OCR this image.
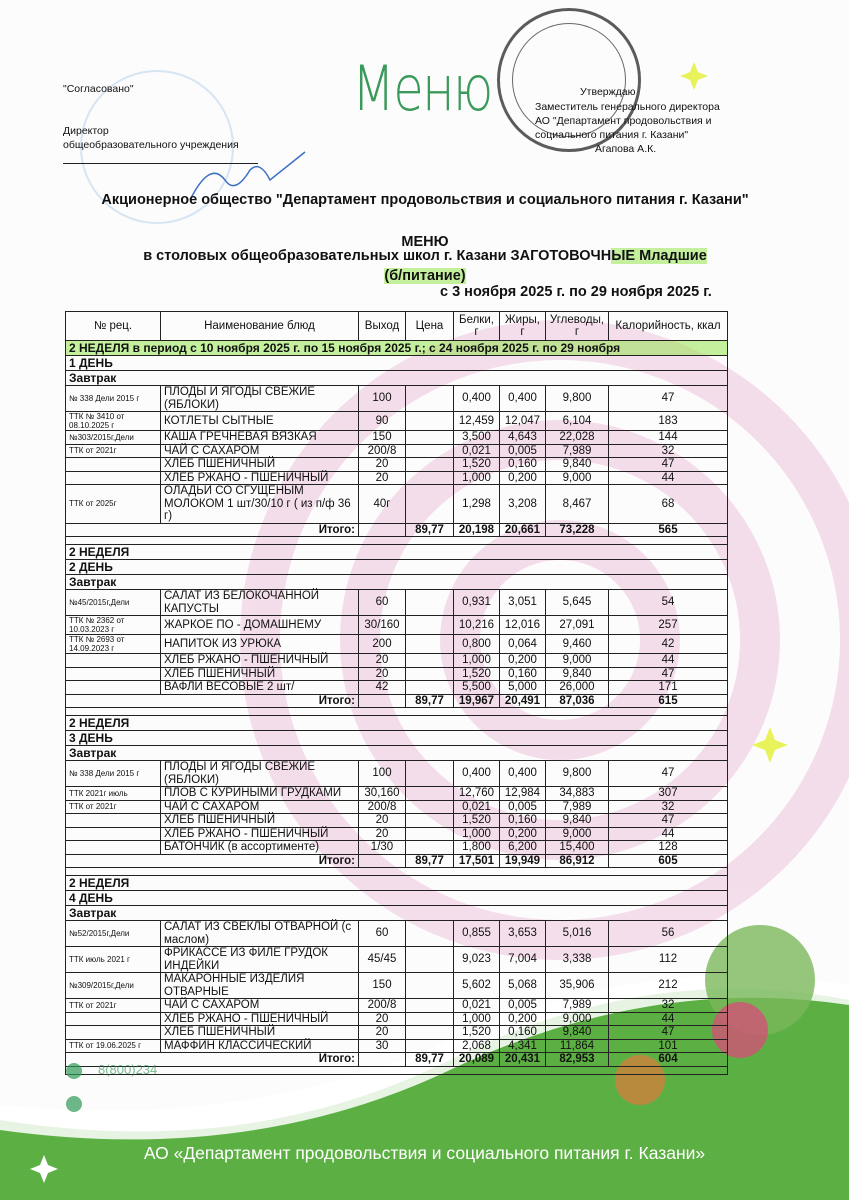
Меню
"Согласовано"
Директор
общеобразовательного учреждения
Утверждаю
Заместитель генерального директора
АО "Департамент продовольствия и
социального питания г. Казани"
Агапова А.К.
Акционерное общество "Департамент продовольствия и социального питания г. Казани"
МЕНЮ
в столовых общеобразовательных школ г. Казани ЗАГОТОВОЧНЫЕ Младшие
(б/питание)
с 3 ноября 2025 г. по 29 ноября 2025 г.
№ рец.	Наименование блюд	Выход	Цена	Белки, г	Жиры, г	Углеводы, г	Калорийность, ккал
2 НЕДЕЛЯ в период с 10 ноября 2025 г. по 15 ноября 2025 г.; с 24 ноября 2025 г. по 29 ноября							
1 ДЕНЬ							
Завтрак							
№ 338 Дели 2015 г	ПЛОДЫ И ЯГОДЫ СВЕЖИЕ (ЯБЛОКИ)	100		0,400	0,400	9,800	47
ТТК № 3410 от 08.10.2025 г	КОТЛЕТЫ СЫТНЫЕ	90		12,459	12,047	6,104	183
№303/2015г,Дели	КАША ГРЕЧНЕВАЯ ВЯЗКАЯ	150		3,500	4,643	22,028	144
ТТК от 2021г	ЧАЙ С САХАРОМ	200/8		0,021	0,005	7,989	32
	ХЛЕБ ПШЕНИЧНЫЙ	20		1,520	0,160	9,840	47
	ХЛЕБ РЖАНО - ПШЕНИЧНЫЙ	20		1,000	0,200	9,000	44
ТТК от 2025г	ОЛАДЬИ СО СГУЩЕНЫМ МОЛОКОМ 1 шт/30/10 г ( из п/ф 36 г)	40г		1,298	3,208	8,467	68
Итого:			89,77	20,198	20,661	73,228	565

2 НЕДЕЛЯ							
2 ДЕНЬ							
Завтрак							
№45/2015г,Дели	САЛАТ ИЗ БЕЛОКОЧАННОЙ КАПУСТЫ	60		0,931	3,051	5,645	54
ТТК № 2362 от 10.03.2023 г	ЖАРКОЕ ПО - ДОМАШНЕМУ	30/160		10,216	12,016	27,091	257
ТТК № 2693 от 14.09.2023 г	НАПИТОК ИЗ УРЮКА	200		0,800	0,064	9,460	42
	ХЛЕБ РЖАНО - ПШЕНИЧНЫЙ	20		1,000	0,200	9,000	44
	ХЛЕБ ПШЕНИЧНЫЙ	20		1,520	0,160	9,840	47
	ВАФЛИ ВЕСОВЫЕ 2 шт/	42		5,500	5,000	26,000	171
Итого:			89,77	19,967	20,491	87,036	615

2 НЕДЕЛЯ							
3 ДЕНЬ							
Завтрак							
№ 338 Дели 2015 г	ПЛОДЫ И ЯГОДЫ СВЕЖИЕ (ЯБЛОКИ)	100		0,400	0,400	9,800	47
ТТК 2021г июль	ПЛОВ С КУРИНЫМИ ГРУДКАМИ	30,160		12,760	12,984	34,883	307
ТТК от 2021г	ЧАЙ С САХАРОМ	200/8		0,021	0,005	7,989	32
	ХЛЕБ ПШЕНИЧНЫЙ	20		1,520	0,160	9,840	47
	ХЛЕБ РЖАНО - ПШЕНИЧНЫЙ	20		1,000	0,200	9,000	44
	БАТОНЧИК (в ассортименте)	1/30		1,800	6,200	15,400	128
Итого:			89,77	17,501	19,949	86,912	605

2 НЕДЕЛЯ							
4 ДЕНЬ							
Завтрак							
№52/2015г,Дели	САЛАТ ИЗ СВЕКЛЫ ОТВАРНОЙ (с маслом)	60		0,855	3,653	5,016	56
ТТК июль 2021 г	ФРИКАССЕ ИЗ ФИЛЕ ГРУДОК ИНДЕЙКИ	45/45		9,023	7,004	3,338	112
№309/2015г,Дели	МАКАРОННЫЕ ИЗДЕЛИЯ ОТВАРНЫЕ	150		5,602	5,068	35,906	212
ТТК от 2021г	ЧАЙ С САХАРОМ	200/8		0,021	0,005	7,989	32
	ХЛЕБ РЖАНО - ПШЕНИЧНЫЙ	20		1,000	0,200	9,000	44
	ХЛЕБ ПШЕНИЧНЫЙ	20		1,520	0,160	9,840	47
ТТК от 19.06.2025 г	МАФФИН КЛАССИЧЕСКИЙ	30		2,068	4,341	11,864	101
Итого:			89,77	20,089	20,431	82,953	604

8(800)234
АО «Департамент продовольствия и социального питания г. Казани»
